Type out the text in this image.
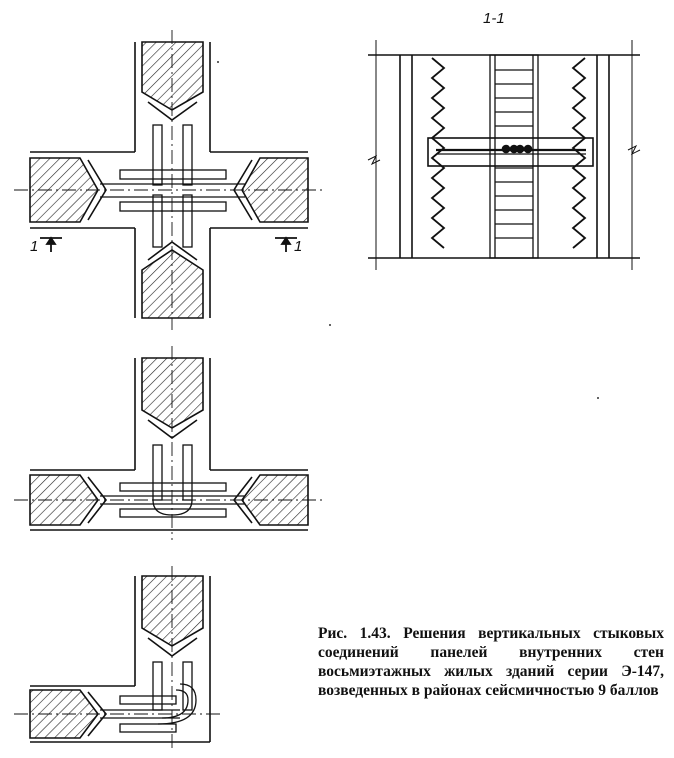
1-1
1	1
Рис. 1.43. Решения вертикальных стыковых соединений панелей внутренних стен восьмиэтажных жилых зданий серии Э-147, возведенных в районах сейсмичностью 9 баллов
